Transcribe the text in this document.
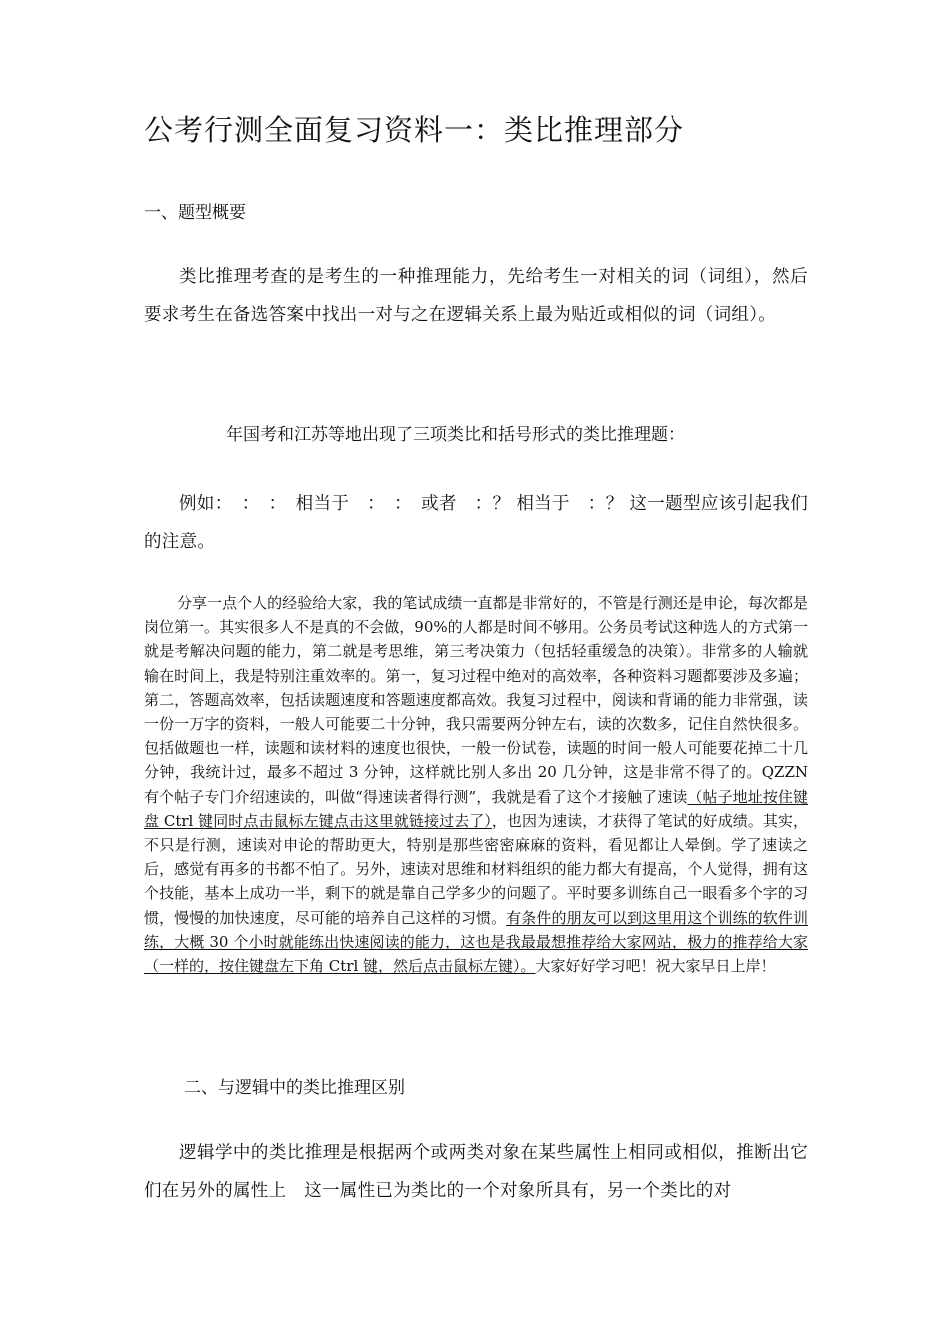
公考行测全面复习资料一：类比推理部分
一、题型概要
类比推理考查的是考生的一种推理能力，先给考生一对相关的词（词组），然后要求考生在备选答案中找出一对与之在逻辑关系上最为贴近或相似的词（词组）。
年国考和江苏等地出现了三项类比和括号形式的类比推理题：
例如：　：　：　相当于　：　：　或者　：？ 相当于　：？ 这一题型应该引起我们的注意。
分享一点个人的经验给大家，我的笔试成绩一直都是非常好的，不管是行测还是申论，每次都是岗位第一。其实很多人不是真的不会做，90%的人都是时间不够用。公务员考试这种选人的方式第一就是考解决问题的能力，第二就是考思维，第三考决策力（包括轻重缓急的决策）。非常多的人输就输在时间上，我是特别注重效率的。第一，复习过程中绝对的高效率，各种资料习题都要涉及多遍；第二，答题高效率，包括读题速度和答题速度都高效。我复习过程中，阅读和背诵的能力非常强，读一份一万字的资料，一般人可能要二十分钟，我只需要两分钟左右，读的次数多，记住自然快很多。包括做题也一样，读题和读材料的速度也很快，一般一份试卷，读题的时间一般人可能要花掉二十几分钟，我统计过，最多不超过 3 分钟，这样就比别人多出 20 几分钟，这是非常不得了的。QZZN 有个帖子专门介绍速读的，叫做“得速读者得行测”，我就是看了这个才接触了速读（帖子地址按住键盘 Ctrl 键同时点击鼠标左键点击这里就链接过去了），也因为速读，才获得了笔试的好成绩。其实，不只是行测，速读对申论的帮助更大，特别是那些密密麻麻的资料，看见都让人晕倒。学了速读之后，感觉有再多的书都不怕了。另外，速读对思维和材料组织的能力都大有提高，个人觉得，拥有这个技能，基本上成功一半，剩下的就是靠自己学多少的问题了。平时要多训练自己一眼看多个字的习惯，慢慢的加快速度，尽可能的培养自己这样的习惯。有条件的朋友可以到这里用这个训练的软件训练，大概 30 个小时就能练出快速阅读的能力，这也是我最最想推荐给大家网站，极力的推荐给大家（一样的，按住键盘左下角 Ctrl 键，然后点击鼠标左键）。大家好好学习吧！祝大家早日上岸！
二、与逻辑中的类比推理区别
逻辑学中的类比推理是根据两个或两类对象在某些属性上相同或相似，推断出它们在另外的属性上　这一属性已为类比的一个对象所具有，另一个类比的对
